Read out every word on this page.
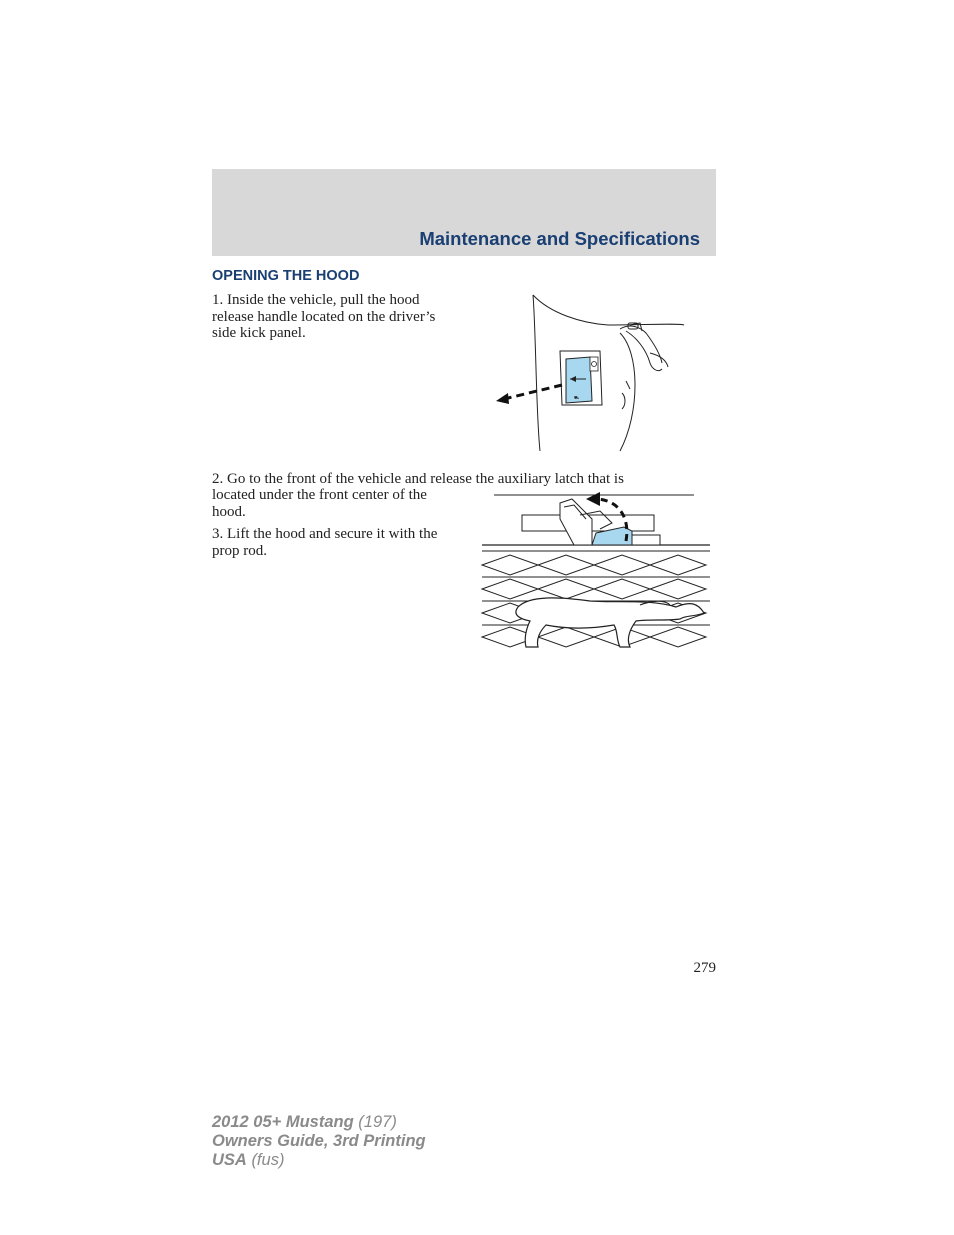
Maintenance and Specifications
OPENING THE HOOD
1. Inside the vehicle, pull the hood release handle located on the driver’s side kick panel.
⛟
2. Go to the front of the vehicle and release the auxiliary latch that is
located under the front center of the hood.
3. Lift the hood and secure it with the prop rod.
279
2012 05+ Mustang (197)
Owners Guide, 3rd Printing
USA (fus)
